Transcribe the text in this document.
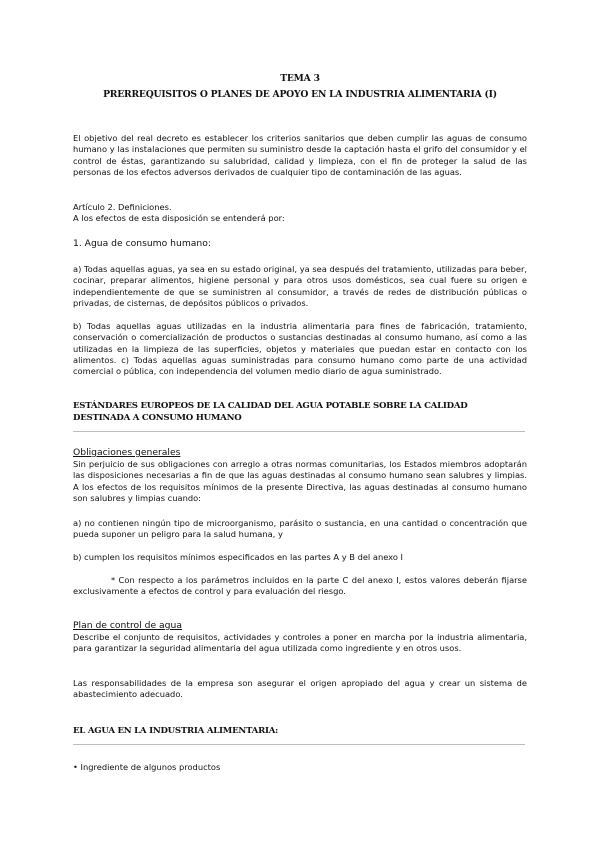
TEMA 3
PRERREQUISITOS O PLANES DE APOYO EN LA INDUSTRIA ALIMENTARIA (I)
El objetivo del real decreto es establecer los criterios sanitarios que deben cumplir las aguas de consumo humano y las instalaciones que permiten su suministro desde la captación hasta el grifo del consumidor y el control de éstas, garantizando su salubridad, calidad y limpieza, con el fin de proteger la salud de las personas de los efectos adversos derivados de cualquier tipo de contaminación de las aguas.
Artículo 2. Definiciones.
A los efectos de esta disposición se entenderá por:
1. Agua de consumo humano:
a) Todas aquellas aguas, ya sea en su estado original, ya sea después del tratamiento, utilizadas para beber, cocinar, preparar alimentos, higiene personal y para otros usos domésticos, sea cual fuere su origen e independientemente de que se suministren al consumidor, a través de redes de distribución públicas o privadas, de cisternas, de depósitos públicos o privados.
b) Todas aquellas aguas utilizadas en la industria alimentaria para fines de fabricación, tratamiento, conservación o comercialización de productos o sustancias destinadas al consumo humano, así como a las utilizadas en la limpieza de las superficies, objetos y materiales que puedan estar en contacto con los alimentos. c) Todas aquellas aguas suministradas para consumo humano como parte de una actividad comercial o pública, con independencia del volumen medio diario de agua suministrado.
ESTÁNDARES EUROPEOS DE LA CALIDAD DEL AGUA POTABLE SOBRE LA CALIDAD DESTINADA A CONSUMO HUMANO
Obligaciones generales
Sin perjuicio de sus obligaciones con arreglo a otras normas comunitarias, los Estados miembros adoptarán las disposiciones necesarias a fin de que las aguas destinadas al consumo humano sean salubres y limpias. A los efectos de los requisitos mínimos de la presente Directiva, las aguas destinadas al consumo humano son salubres y limpias cuando:
a) no contienen ningún tipo de microorganismo, parásito o sustancia, en una cantidad o concentración que pueda suponer un peligro para la salud humana, y
b) cumplen los requisitos mínimos especificados en las partes A y B del anexo I
* Con respecto a los parámetros incluidos en la parte C del anexo I, estos valores deberán fijarse exclusivamente a efectos de control y para evaluación del riesgo.
Plan de control de agua
Describe el conjunto de requisitos, actividades y controles a poner en marcha por la industria alimentaria, para garantizar la seguridad alimentaria del agua utilizada como ingrediente y en otros usos.
Las responsabilidades de la empresa son asegurar el origen apropiado del agua y crear un sistema de abastecimiento adecuado.
EL AGUA EN LA INDUSTRIA ALIMENTARIA:
• Ingrediente de algunos productos
